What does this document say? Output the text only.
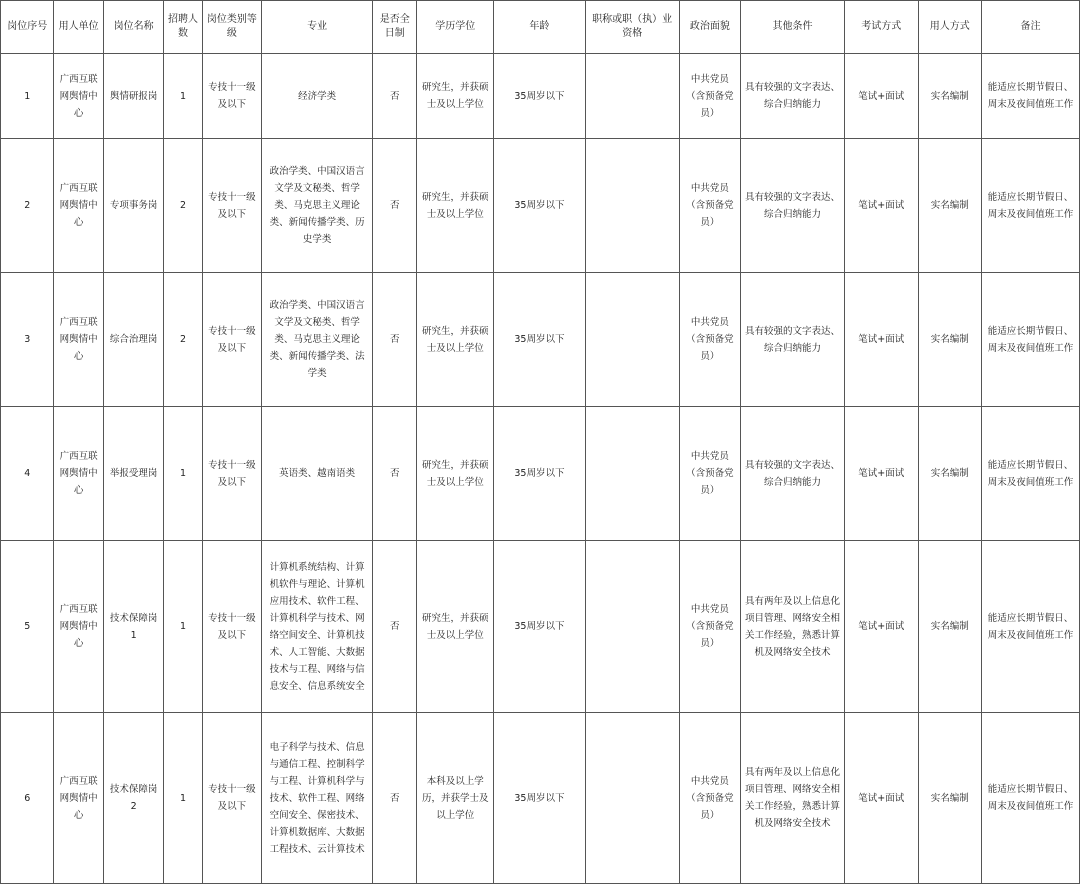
岗位序号	用人单位	岗位名称	招聘人数	岗位类别等级	专业	是否全日制	学历学位	年龄	职称或职（执）业资格	政治面貌	其他条件	考试方式	用人方式	备注
1	广西互联网舆情中心	舆情研报岗	1	专技十一级及以下	经济学类	否	研究生，并获硕士及以上学位	35周岁以下		中共党员（含预备党员）	具有较强的文字表达、综合归纳能力	笔试+面试	实名编制	能适应长期节假日、周末及夜间值班工作
2	广西互联网舆情中心	专项事务岗	2	专技十一级及以下	政治学类、中国汉语言文学及文秘类、哲学类、马克思主义理论类、新闻传播学类、历史学类	否	研究生，并获硕士及以上学位	35周岁以下		中共党员（含预备党员）	具有较强的文字表达、综合归纳能力	笔试+面试	实名编制	能适应长期节假日、周末及夜间值班工作
3	广西互联网舆情中心	综合治理岗	2	专技十一级及以下	政治学类、中国汉语言文学及文秘类、哲学类、马克思主义理论类、新闻传播学类、法学类	否	研究生，并获硕士及以上学位	35周岁以下		中共党员（含预备党员）	具有较强的文字表达、综合归纳能力	笔试+面试	实名编制	能适应长期节假日、周末及夜间值班工作
4	广西互联网舆情中心	举报受理岗	1	专技十一级及以下	英语类、越南语类	否	研究生，并获硕士及以上学位	35周岁以下		中共党员（含预备党员）	具有较强的文字表达、综合归纳能力	笔试+面试	实名编制	能适应长期节假日、周末及夜间值班工作
5	广西互联网舆情中心	技术保障岗1	1	专技十一级及以下	计算机系统结构、计算机软件与理论、计算机应用技术、软件工程、计算机科学与技术、网络空间安全、计算机技术、人工智能、大数据技术与工程、网络与信息安全、信息系统安全	否	研究生，并获硕士及以上学位	35周岁以下		中共党员（含预备党员）	具有两年及以上信息化项目管理、网络安全相关工作经验，熟悉计算机及网络安全技术	笔试+面试	实名编制	能适应长期节假日、周末及夜间值班工作
6	广西互联网舆情中心	技术保障岗2	1	专技十一级及以下	电子科学与技术、信息与通信工程、控制科学与工程、计算机科学与技术、软件工程、网络空间安全、保密技术、计算机数据库、大数据工程技术、云计算技术	否	本科及以上学历，并获学士及以上学位	35周岁以下		中共党员（含预备党员）	具有两年及以上信息化项目管理、网络安全相关工作经验，熟悉计算机及网络安全技术	笔试+面试	实名编制	能适应长期节假日、周末及夜间值班工作
